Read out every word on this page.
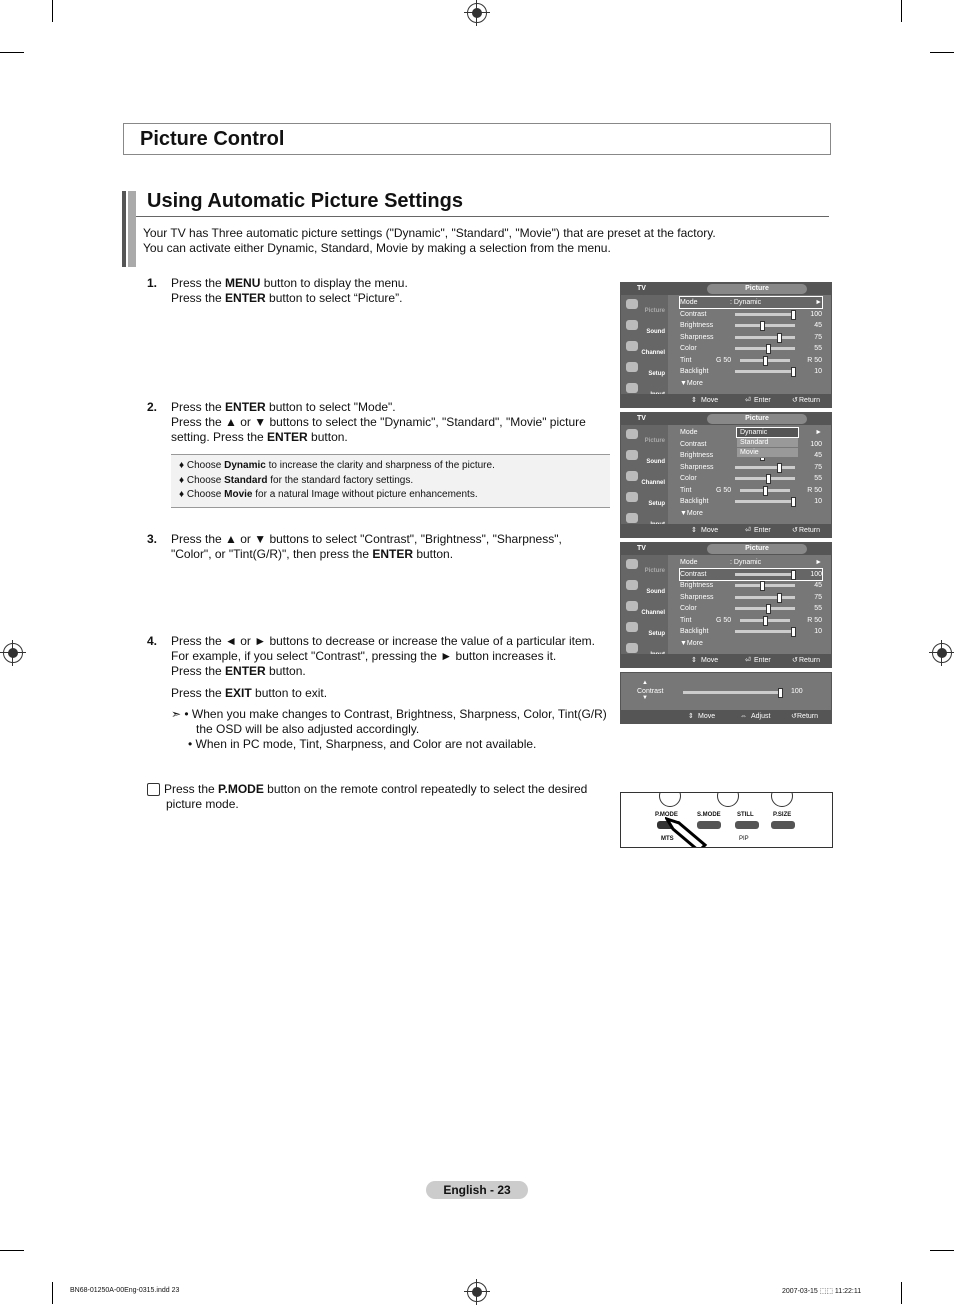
Picture Control
Using Automatic Picture Settings
Your TV has Three automatic picture settings ("Dynamic", "Standard", "Movie") that are preset at the factory.
You can activate either Dynamic, Standard, Movie by making a selection from the menu.
1. Press the MENU button to display the menu.
Press the ENTER button to select “Picture”.
2. Press the ENTER button to select "Mode".
Press the ▲ or ▼ buttons to select the "Dynamic", "Standard", "Movie" picture
setting. Press the ENTER button.
♦ Choose Dynamic to increase the clarity and sharpness of the picture.
♦ Choose Standard for the standard factory settings.
♦ Choose Movie for a natural Image without picture enhancements.
3. Press the ▲ or ▼ buttons to select "Contrast", "Brightness", "Sharpness",
"Color", or "Tint(G/R)", then press the ENTER button.
4. Press the ◄ or ► buttons to decrease or increase the value of a particular item.
For example, if you select "Contrast", pressing the ► button increases it.
Press the ENTER button.
Press the EXIT button to exit.
➣ • When you make changes to Contrast, Brightness, Sharpness, Color, Tint(G/R)
the OSD will be also adjusted accordingly.
• When in PC mode, Tint, Sharpness, and Color are not available.
Press the P.MODE button on the remote control repeatedly to select the desired
picture mode.
TV	Picture
Picture
Sound
Channel
Setup
Mode	: Dynamic	►
Contrast	100
Brightness	45
Sharpness	75
Color	55
Tint	G 50	R 50
Backlight	10
▼More
⇕ Move	⏎ Enter	↺ Return
TV	Picture
Picture
Sound
Channel
Setup
Mode	►
Contrast	100
Brightness	45
Sharpness	75
Color	55
Tint	G 50	R 50
Backlight	10
▼More
Dynamic
Standard
Movie
⇕ Move	⏎ Enter	↺ Return
TV	Picture
Picture
Sound
Channel
Setup
Mode	: Dynamic	►
Contrast	100
Brightness	45
Sharpness	75
Color	55
Tint	G 50	R 50
Backlight	10
▼More
⇕ Move	⏎ Enter	↺ Return
▲
Contrast
▼
100
⇕ Move	⇔ Adjust	↺ Return
P.MODE	S.MODE	STILL	P.SIZE
MTS	PIP
English - 23
BN68-01250A-00Eng-0315.indd 23	2007-03-15 ⬚⬚ 11:22:11
